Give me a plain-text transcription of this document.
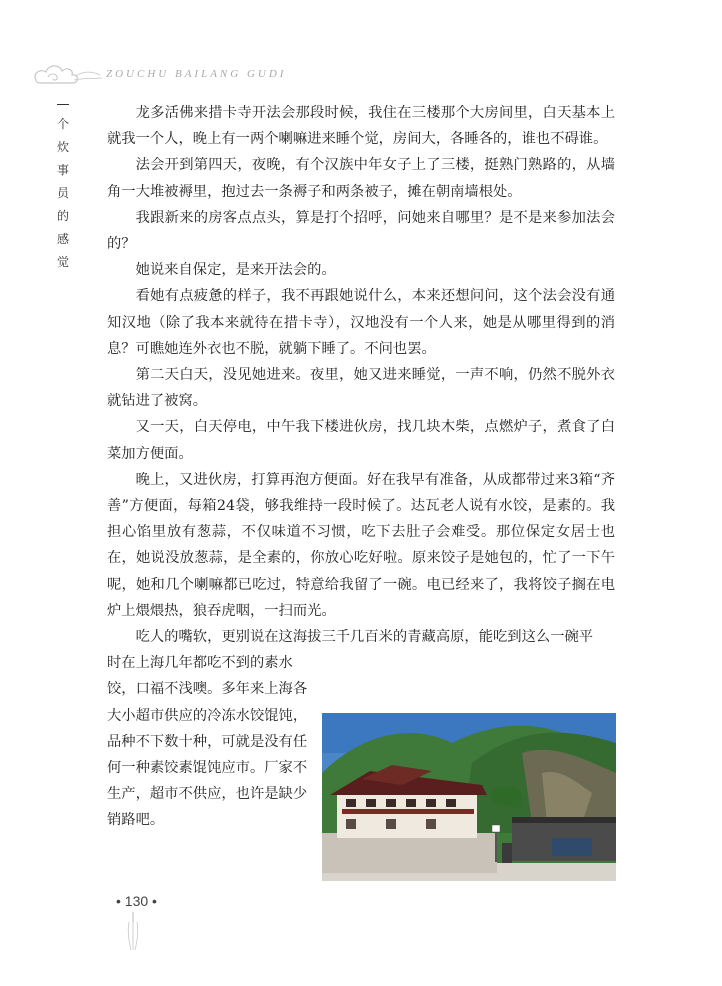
ZOUCHU BAILANG GUDI
个
炊
事
员
的
感
觉

龙多活佛来措卡寺开法会那段时候，我住在三楼那个大房间里，白天基本上就我一个人，晚上有一两个喇嘛进来睡个觉，房间大，各睡各的，谁也不碍谁。

法会开到第四天，夜晚，有个汉族中年女子上了三楼，挺熟门熟路的，从墙角一大堆被褥里，抱过去一条褥子和两条被子，摊在朝南墙根处。

我跟新来的房客点点头，算是打个招呼，问她来自哪里？是不是来参加法会的？

她说来自保定，是来开法会的。

看她有点疲惫的样子，我不再跟她说什么，本来还想问问，这个法会没有通知汉地（除了我本来就待在措卡寺），汉地没有一个人来，她是从哪里得到的消息？可瞧她连外衣也不脱，就躺下睡了。不问也罢。

第二天白天，没见她进来。夜里，她又进来睡觉，一声不响，仍然不脱外衣就钻进了被窝。

又一天，白天停电，中午我下楼进伙房，找几块木柴，点燃炉子，煮食了白菜加方便面。

晚上，又进伙房，打算再泡方便面。好在我早有准备，从成都带过来3箱“齐善”方便面，每箱24袋，够我维持一段时候了。达瓦老人说有水饺，是素的。我担心馅里放有葱蒜，不仅味道不习惯，吃下去肚子会难受。那位保定女居士也在，她说没放葱蒜，是全素的，你放心吃好啦。原来饺子是她包的，忙了一下午呢，她和几个喇嘛都已吃过，特意给我留了一碗。电已经来了，我将饺子搁在电炉上煨煨热，狼吞虎咽，一扫而光。

吃人的嘴软，更别说在这海拔三千几百米的青藏高原，能吃到这么一碗平

时在上海几年都吃不到的素水

饺，口福不浅噢。多年来上海各

大小超市供应的冷冻水饺馄饨，

品种不下数十种，可就是没有任

何一种素饺素馄饨应市。厂家不

生产，超市不供应，也许是缺少

销路吧。

• 130 •
